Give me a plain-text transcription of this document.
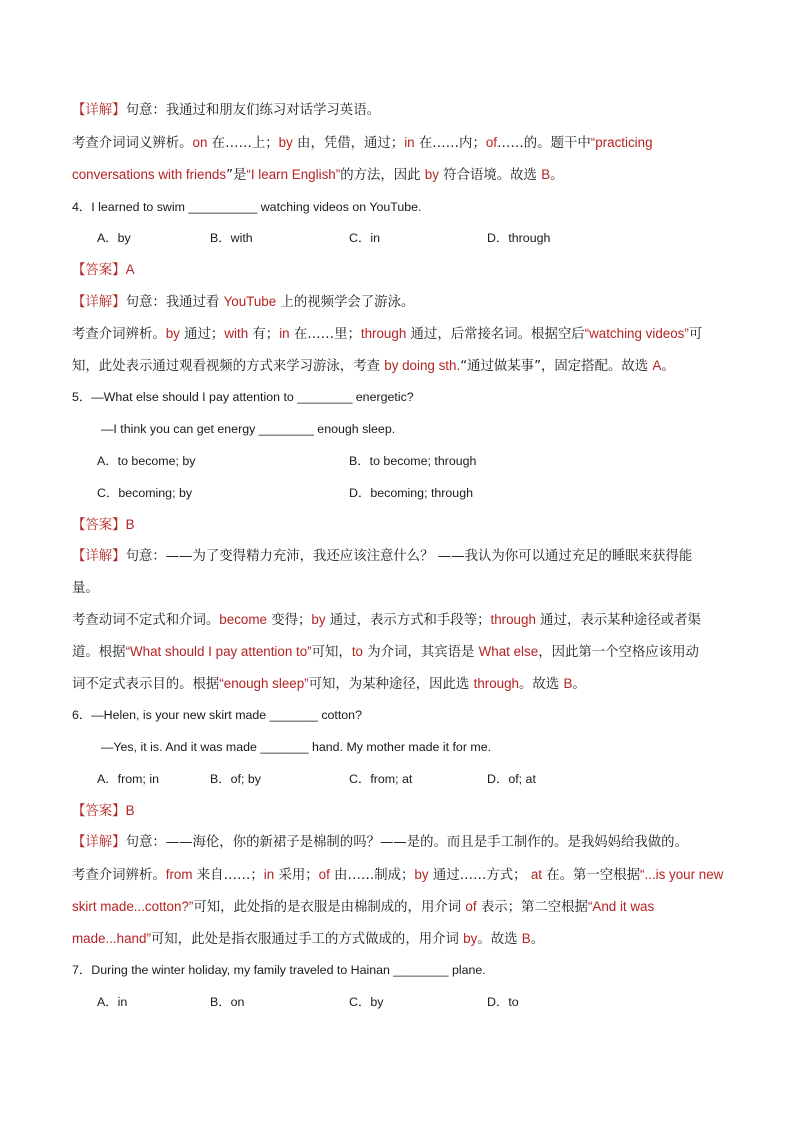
【详解】句意：我通过和朋友们练习对话学习英语。
考查介词词义辨析。on 在……上；by 由，凭借，通过；in 在……内；of……的。题干中“practicing
conversations with friends”是“I learn English”的方法，因此 by 符合语境。故选 B。
4．I learned to swim __________ watching videos on YouTube.
A．by	B．with	C．in	D．through
【答案】A
【详解】句意：我通过看 YouTube 上的视频学会了游泳。
考查介词辨析。by 通过；with 有；in 在……里；through 通过，后常接名词。根据空后“watching videos”可
知，此处表示通过观看视频的方式来学习游泳，考查 by doing sth.“通过做某事”，固定搭配。故选 A。
5．—What else should I pay attention to ________ energetic?
—I think you can get energy ________ enough sleep.
A．to become; by	B．to become; through
C．becoming; by	D．becoming; through
【答案】B
【详解】句意：——为了变得精力充沛，我还应该注意什么？ ——我认为你可以通过充足的睡眠来获得能
量。
考查动词不定式和介词。become 变得；by 通过，表示方式和手段等；through 通过，表示某种途径或者渠
道。根据“What should I pay attention to”可知，to 为介词，其宾语是 What else，因此第一个空格应该用动
词不定式表示目的。根据“enough sleep”可知，为某种途径，因此选 through。故选 B。
6．—Helen, is your new skirt made _______ cotton?
—Yes, it is. And it was made _______ hand. My mother made it for me.
A．from; in	B．of; by	C．from; at	D．of; at
【答案】B
【详解】句意：——海伦，你的新裙子是棉制的吗？——是的。而且是手工制作的。是我妈妈给我做的。
考查介词辨析。from 来自……；in 采用；of 由……制成；by 通过……方式； at 在。第一空根据“...is your new
skirt made...cotton?”可知，此处指的是衣服是由棉制成的，用介词 of 表示；第二空根据“And it was
made...hand”可知，此处是指衣服通过手工的方式做成的，用介词 by。故选 B。
7．During the winter holiday, my family traveled to Hainan ________ plane.
A．in	B．on	C．by	D．to
